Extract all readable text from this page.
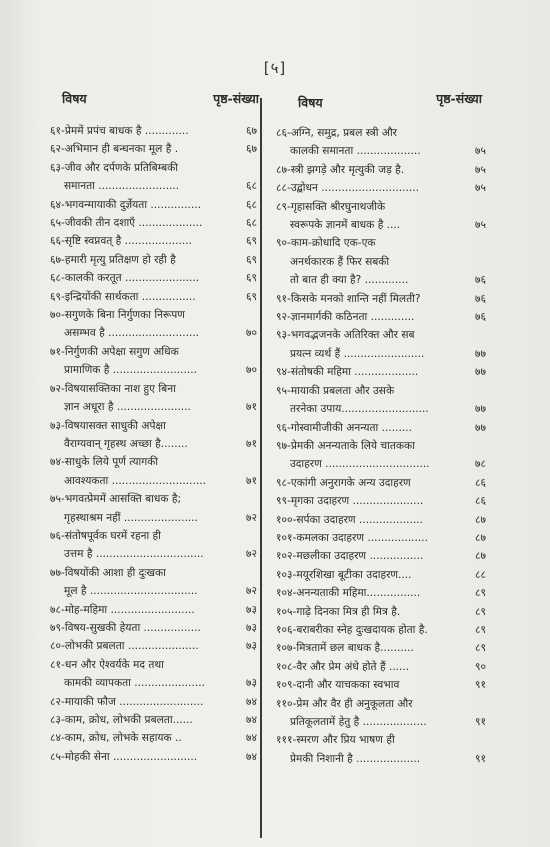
[५]
विषय	पृष्ठ-संख्या
६१-प्रेममें प्रपंच बाधक है .............	६७
६२-अभिमान ही बन्धनका मूल है .	६७
६३-जीव और दर्पणके प्रतिबिम्बकी
समानता ........................	६८
६४-भगवन्मायाकी दुर्ज्ञेयता ...............	६८
६५-जीवकी तीन दशाएँ ...................	६८
६६-सृष्टि स्वप्नवत् है ....................	६९
६७-हमारी मृत्यु प्रतिक्षण हो रही है	६९
६८-कालकी करतूत ......................	६९
६९-इन्द्रियोंकी सार्थकता ................	६९
७०-सगुणके बिना निर्गुणका निरूपण
असम्भव है ...........................	७०
७१-निर्गुणकी अपेक्षा सगुण अधिक
प्रामाणिक है .........................	७०
७२-विषयासक्तिका नाश हुए बिना
ज्ञान अधूरा है ......................	७१
७३-विषयासक्त साधुकी अपेक्षा
वैराग्यवान् गृहस्थ अच्छा है........	७१
७४-साधुके लिये पूर्ण त्यागकी
आवश्यकता ............................	७१
७५-भगवत्प्रेममें आसक्ति बाधक है;
गृहस्थाश्रम नहीं ......................	७२
७६-संतोषपूर्वक घरमें रहना ही
उत्तम है ................................	७२
७७-विषयोंकी आशा ही दुःखका
मूल है ................................	७२
७८-मोह-महिमा .........................	७३
७९-विषय-सुखकी हेयता .................	७३
८०-लोभकी प्रबलता .....................	७३
८१-धन और ऐश्वर्यके मद तथा
कामकी व्यापकता .....................	७३
८२-मायाकी फौज .........................	७४
८३-काम, क्रोध, लोभकी प्रबलता......	७४
८४-काम, क्रोध, लोभके सहायक ..	७४
८५-मोहकी सेना .........................	७४
विषय	पृष्ठ-संख्या
८६-अग्नि, समुद्र, प्रबल स्त्री और
कालकी समानता ...................	७५
८७-स्त्री झगड़े और मृत्युकी जड़ है.	७५
८८-उद्बोधन .............................	७५
८९-गृहासक्ति श्रीरघुनाथजीके
स्वरूपके ज्ञानमें बाधक है ....	७५
९०-काम-क्रोधादि एक-एक
अनर्थकारक हैं फिर सबकी
तो बात ही क्या है? .............	७६
९१-किसके मनको शान्ति नहीं मिलती?	७६
९२-ज्ञानमार्गकी कठिनता .............	७६
९३-भगवद्भजनके अतिरिक्त और सब
प्रयत्न व्यर्थ हैं ........................	७७
९४-संतोषकी महिमा ...................	७७
९५-मायाकी प्रबलता और उसके
तरनेका उपाय..........................	७७
९६-गोस्वामीजीकी अनन्यता .........	७७
९७-प्रेमकी अनन्यताके लिये चातकका
उदाहरण ...............................	७८
९८-एकांगी अनुरागके अन्य उदाहरण	८६
९९-मृगका उदाहरण .....................	८६
१००-सर्पका उदाहरण ...................	८७
१०१-कमलका उदाहरण ..................	८७
१०२-मछलीका उदाहरण ................	८७
१०३-मयूरशिखा बूटीका उदाहरण....	८८
१०४-अनन्यताकी महिमा................	८९
१०५-गाढ़े दिनका मित्र ही मित्र है.	८९
१०६-बराबरीका स्नेह दुःखदायक होता है.	८९
१०७-मित्रतामें छल बाधक है..........	८९
१०८-वैर और प्रेम अंधे होते हैं ......	९०
१०९-दानी और याचकका स्वभाव	९१
११०-प्रेम और वैर ही अनुकूलता और
प्रतिकूलतामें हेतु है ...................	९१
१११-स्मरण और प्रिय भाषण ही
प्रेमकी निशानी है ...................	९१
